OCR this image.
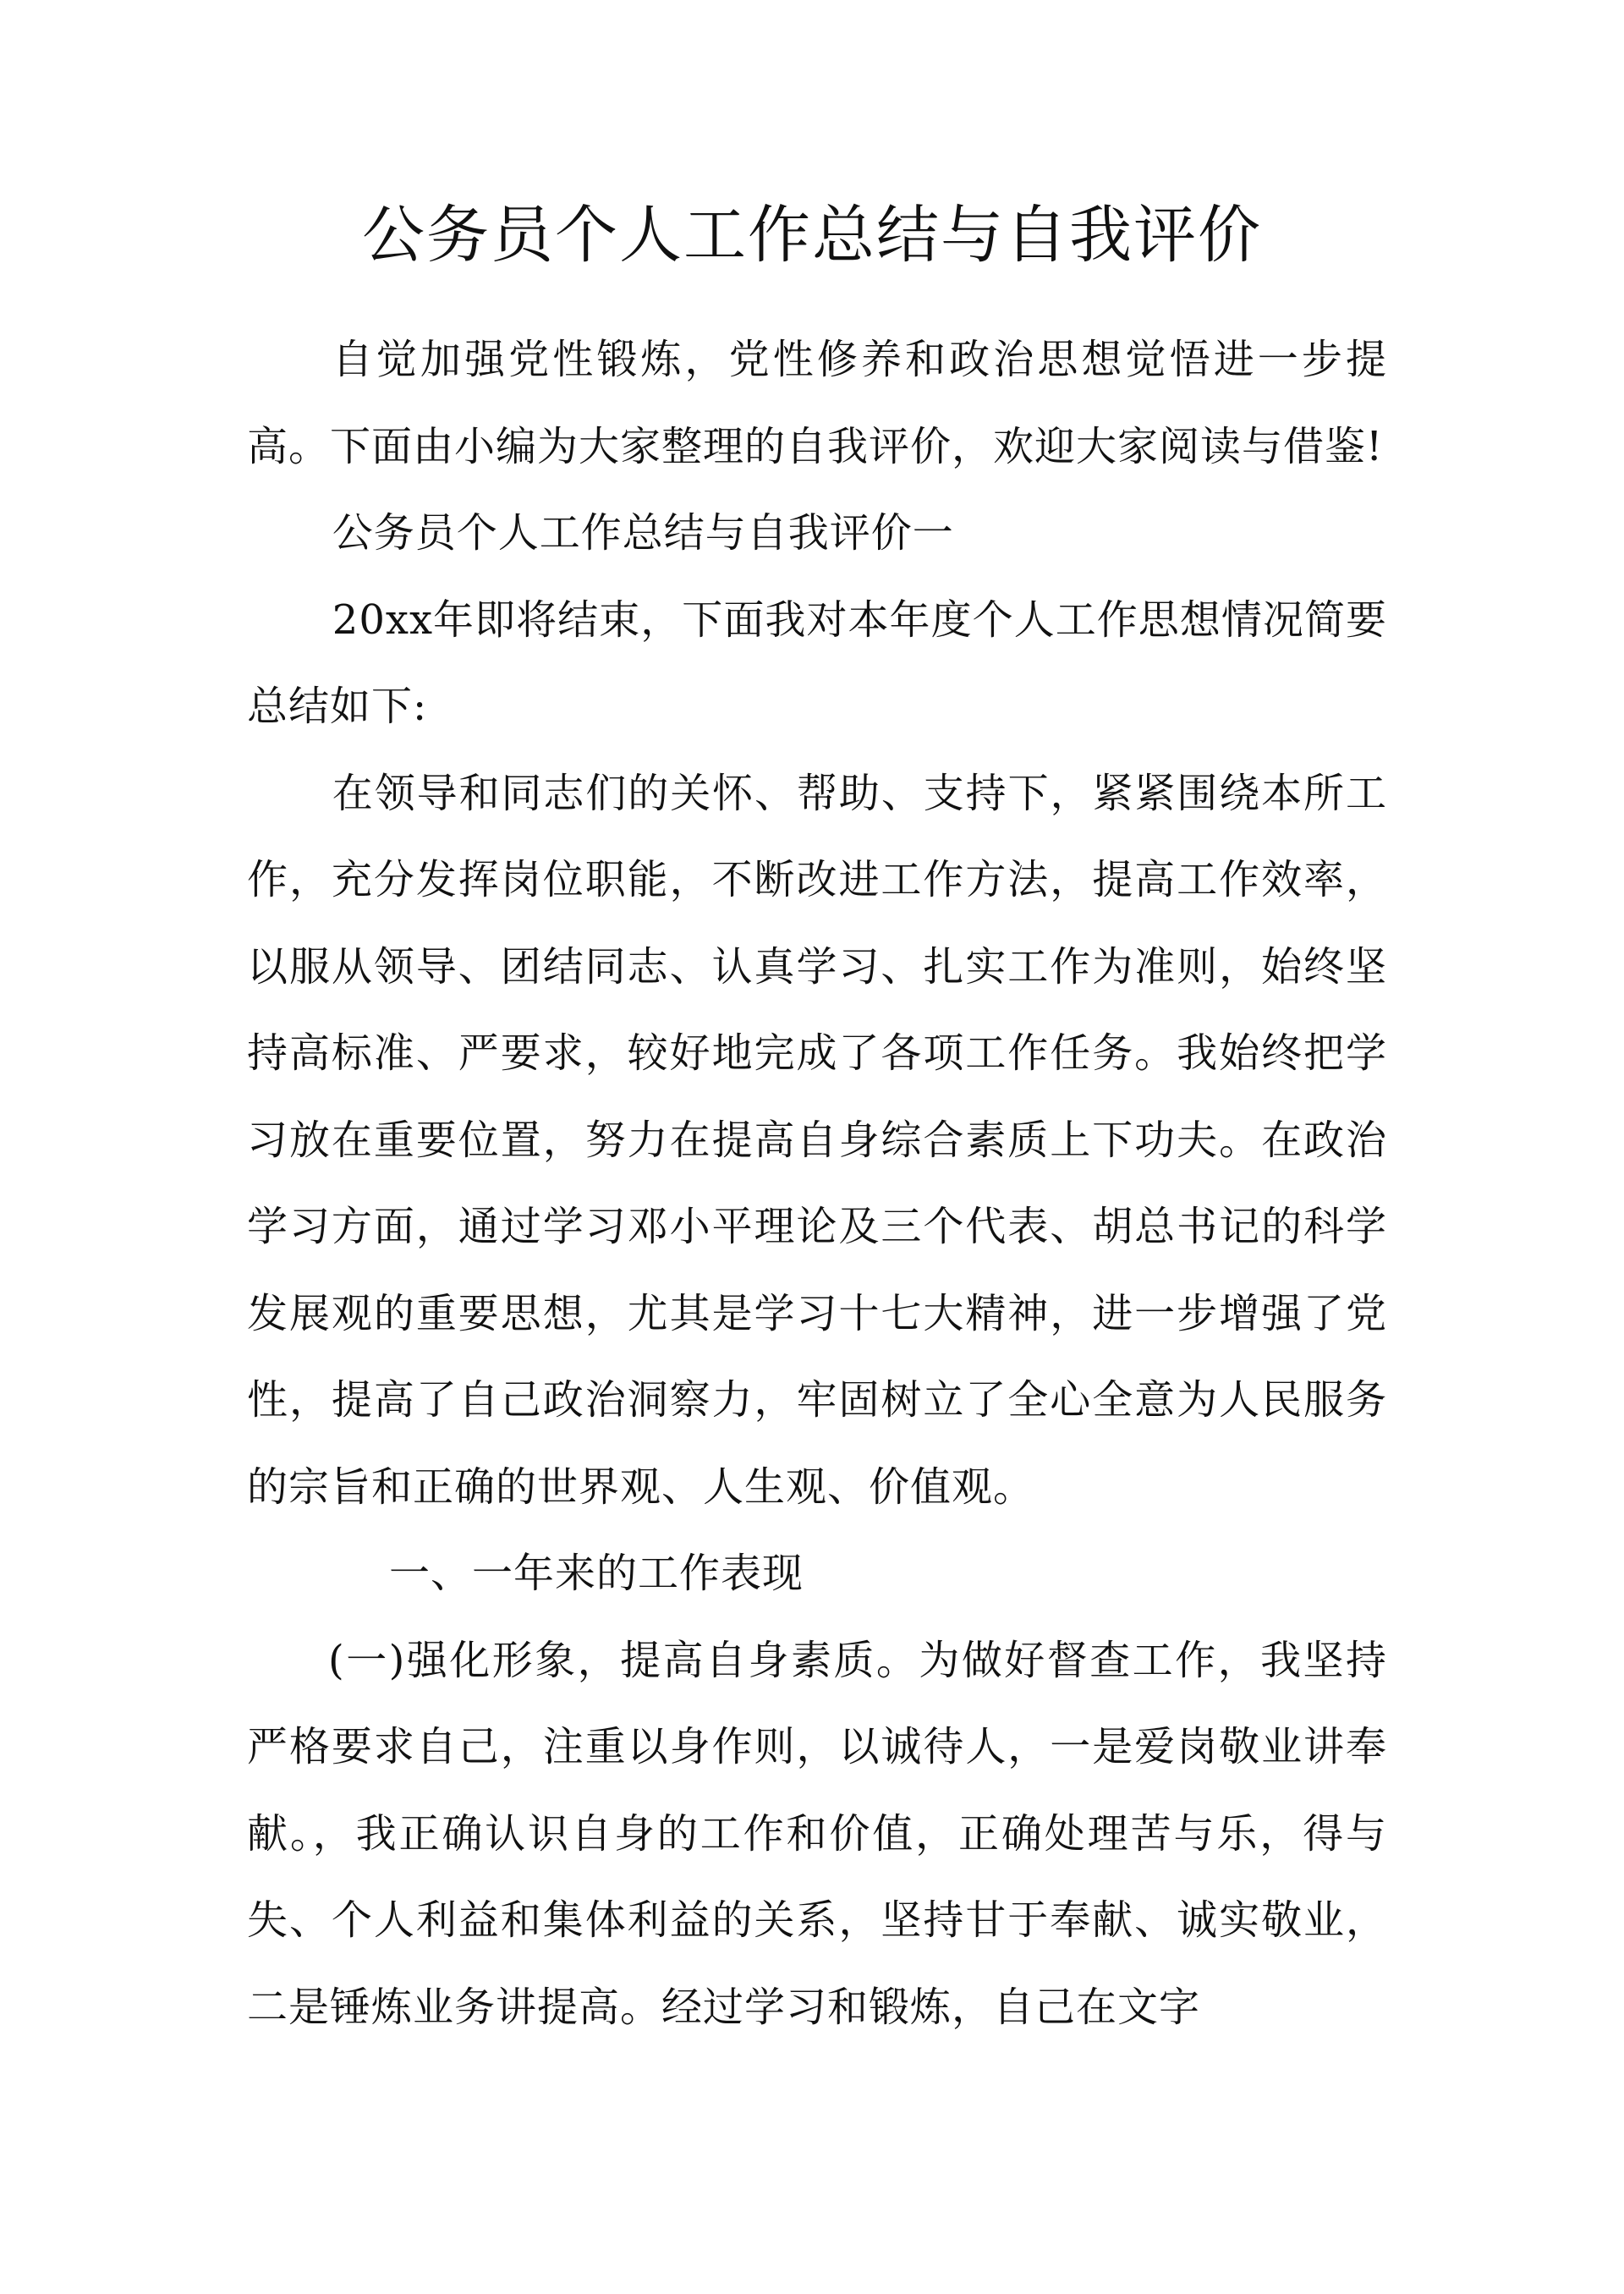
公务员个人工作总结与自我评价

自觉加强党性锻炼，党性修养和政治思想觉悟进一步提高。下面由小编为大家整理的自我评价，欢迎大家阅读与借鉴!

公务员个人工作总结与自我评价一

20xx年即将结束，下面我对本年度个人工作思想情况简要总结如下:

在领导和同志们的关怀、帮助、支持下，紧紧围绕本所工作，充分发挥岗位职能，不断改进工作方法，提高工作效率，以服从领导、团结同志、认真学习、扎实工作为准则，始终坚持高标准、严要求，较好地完成了各项工作任务。我始终把学习放在重要位置，努力在提高自身综合素质上下功夫。在政治学习方面，通过学习邓小平理论及三个代表、胡总书记的科学发展观的重要思想，尤其是学习十七大精神，进一步增强了党性，提高了自己政治洞察力，牢固树立了全心全意为人民服务的宗旨和正确的世界观、人生观、价值观。

一、一年来的工作表现

(一)强化形象，提高自身素质。为做好督查工作，我坚持严格要求自己，注重以身作则，以诚待人，一是爱岗敬业讲奉献。，我正确认识自身的工作和价值，正确处理苦与乐，得与失、个人利益和集体利益的关系，坚持甘于奉献、诚实敬业，二是锤炼业务讲提高。经过学习和锻炼，自己在文字
